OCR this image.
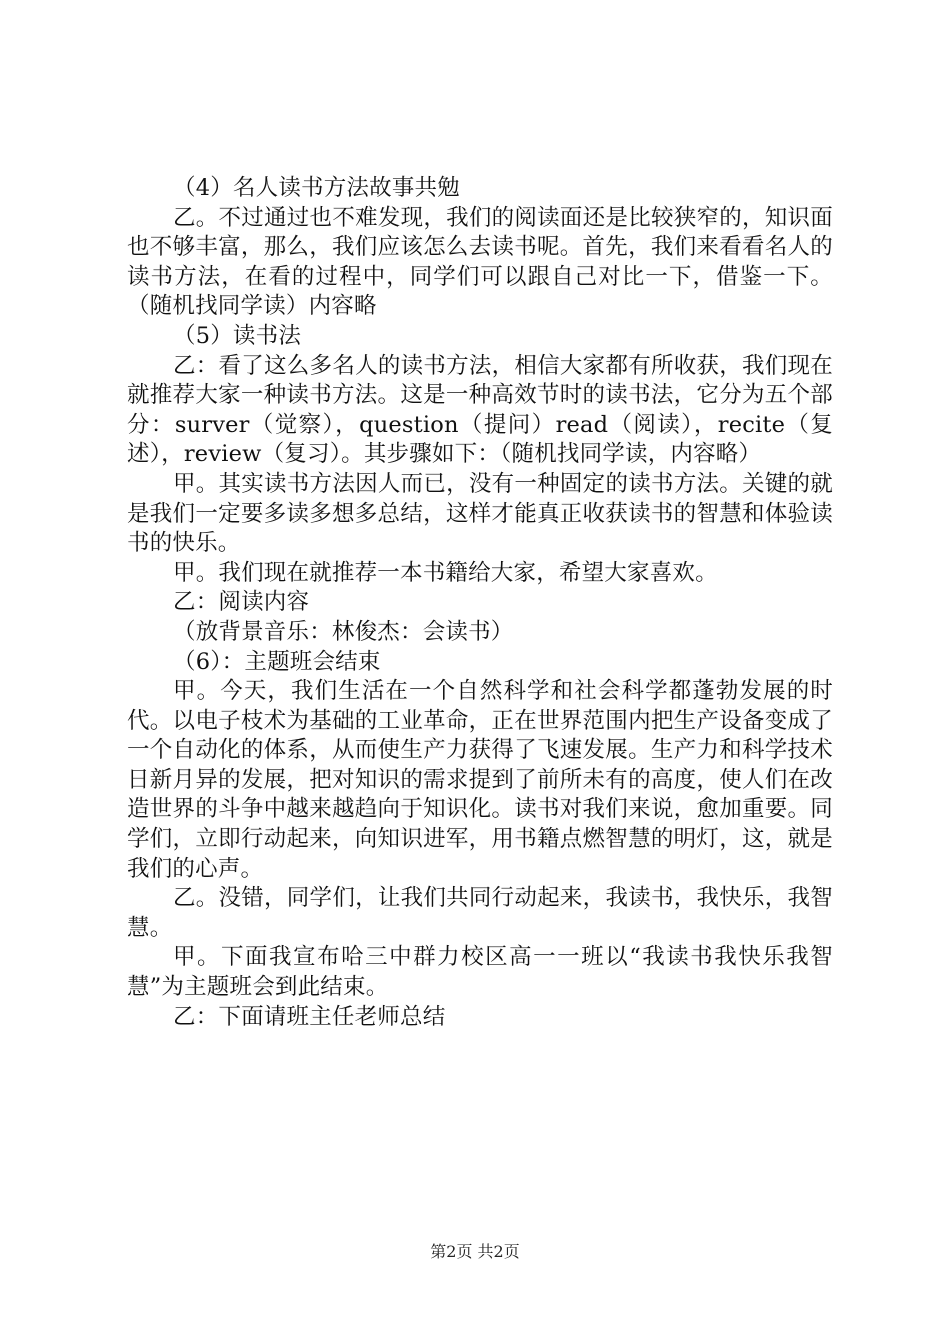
（4）名人读书方法故事共勉

乙。不过通过也不难发现，我们的阅读面还是比较狭窄的，知识面也不够丰富，那么，我们应该怎么去读书呢。首先，我们来看看名人的读书方法，在看的过程中，同学们可以跟自己对比一下，借鉴一下。（随机找同学读）内容略

（5）读书法

乙：看了这么多名人的读书方法，相信大家都有所收获，我们现在就推荐大家一种读书方法。这是一种高效节时的读书法，它分为五个部分：surver（觉察），question（提问）read（阅读），recite（复述），review（复习）。其步骤如下：（随机找同学读，内容略）

甲。其实读书方法因人而已，没有一种固定的读书方法。关键的就是我们一定要多读多想多总结，这样才能真正收获读书的智慧和体验读书的快乐。

甲。我们现在就推荐一本书籍给大家，希望大家喜欢。

乙：阅读内容

（放背景音乐：林俊杰：会读书）

（6）：主题班会结束

甲。今天，我们生活在一个自然科学和社会科学都蓬勃发展的时代。以电子枝术为基础的工业革命，正在世界范围内把生产设备变成了一个自动化的体系，从而使生产力获得了飞速发展。生产力和科学技术日新月异的发展，把对知识的需求提到了前所未有的高度，使人们在改造世界的斗争中越来越趋向于知识化。读书对我们来说，愈加重要。同学们，立即行动起来，向知识进军，用书籍点燃智慧的明灯，这，就是我们的心声。

乙。没错，同学们，让我们共同行动起来，我读书，我快乐，我智慧。

甲。下面我宣布哈三中群力校区高一一班以“我读书我快乐我智慧”为主题班会到此结束。

乙：下面请班主任老师总结

第2页 共2页
